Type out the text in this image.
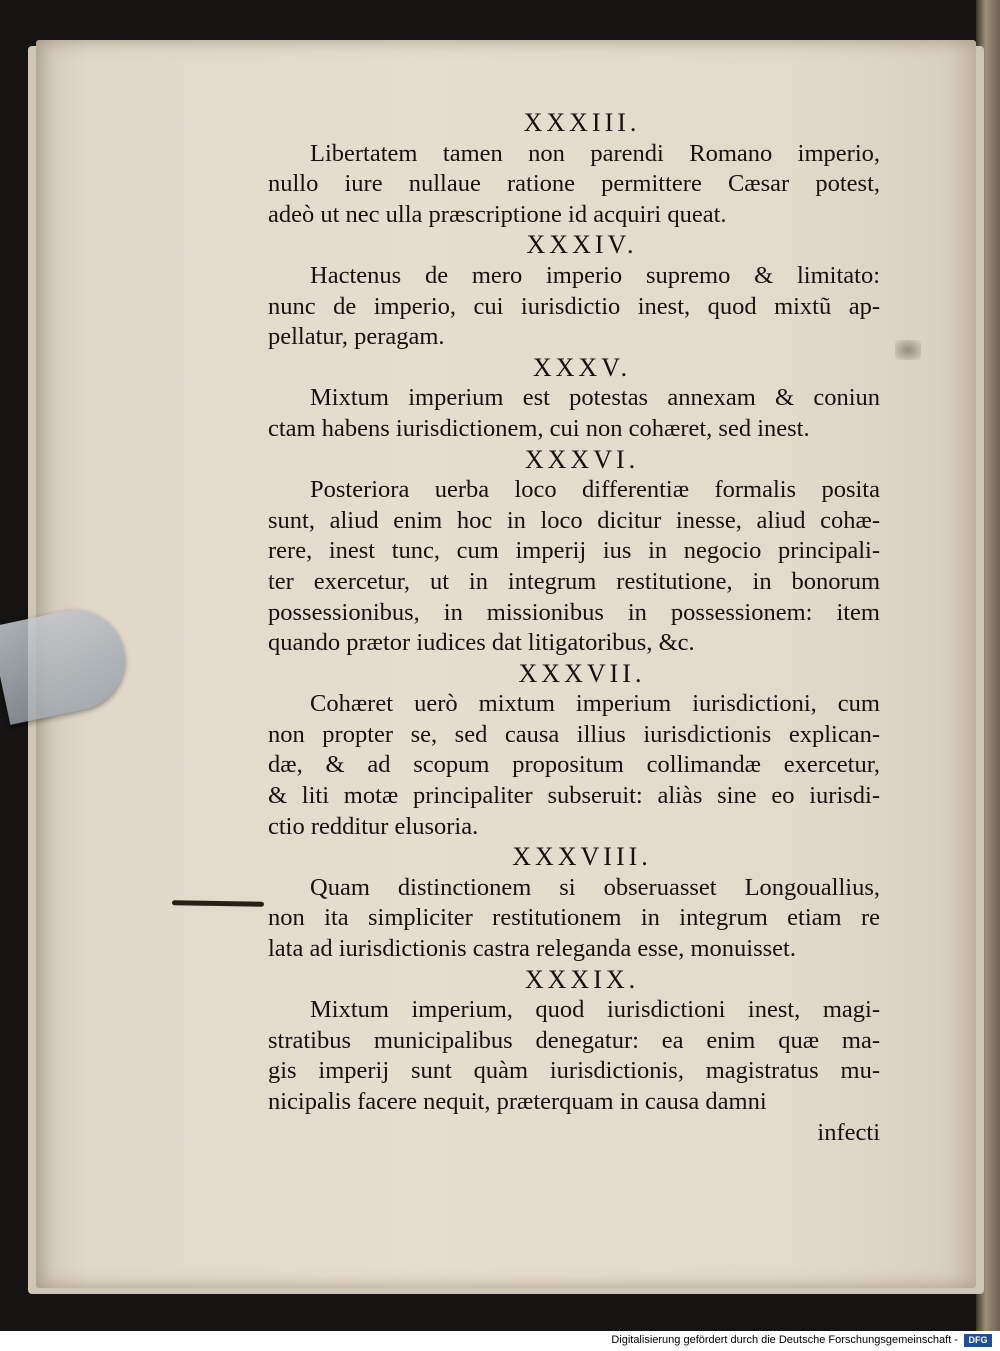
XXXIII.
Libertatem tamen non parendi Romano imperio,
nullo iure nullaue ratione permittere Cæsar potest,
adeò ut nec ulla præscriptione id acquiri queat.
XXXIV.
Hactenus de mero imperio supremo & limitato:
nunc de imperio, cui iurisdictio inest, quod mixtũ ap-
pellatur, peragam.
XXXV.
Mixtum imperium est potestas annexam & coniun
ctam habens iurisdictionem, cui non cohæret, sed inest.
XXXVI.
Posteriora uerba loco differentiæ formalis posita
sunt, aliud enim hoc in loco dicitur inesse, aliud cohæ-
rere, inest tunc, cum imperij ius in negocio principali-
ter exercetur, ut in integrum restitutione, in bonorum
possessionibus, in missionibus in possessionem: item
quando prætor iudices dat litigatoribus, &c.
XXXVII.
Cohæret uerò mixtum imperium iurisdictioni, cum
non propter se, sed causa illius iurisdictionis explican-
dæ, & ad scopum propositum collimandæ exercetur,
& liti motæ principaliter subseruit: aliàs sine eo iurisdi-
ctio redditur elusoria.
XXXVIII.
Quam distinctionem si obseruasset Longouallius,
non ita simpliciter restitutionem in integrum etiam re
lata ad iurisdictionis castra releganda esse, monuisset.
XXXIX.
Mixtum imperium, quod iurisdictioni inest, magi-
stratibus municipalibus denegatur: ea enim quæ ma-
gis imperij sunt quàm iurisdictionis, magistratus mu-
nicipalis facere nequit, præterquam in causa damni
infecti
Digitalisierung gefördert durch die Deutsche Forschungsgemeinschaft -	DFG
